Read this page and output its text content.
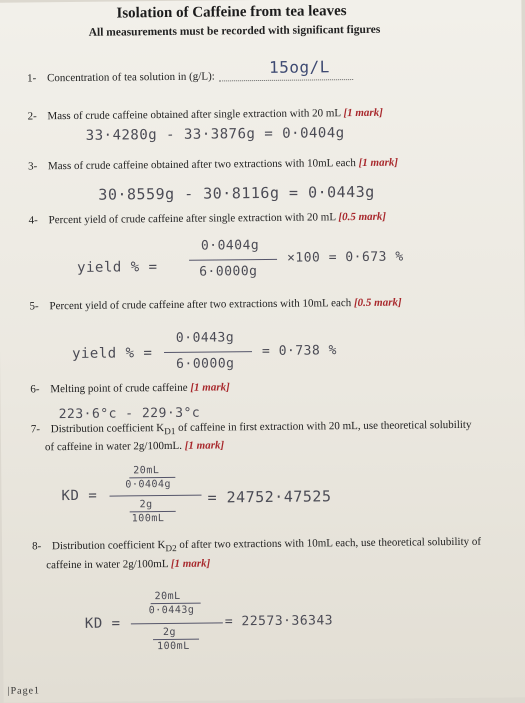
Isolation of Caffeine from tea leaves
All measurements must be recorded with significant figures
1- Concentration of tea solution in (g/L):
15og/L
2- Mass of crude caffeine obtained after single extraction with 20 mL [1 mark]
33·4280g - 33·3876g = 0·0404g
3- Mass of crude caffeine obtained after two extractions with 10mL each [1 mark]
30·8559g - 30·8116g = 0·0443g
4- Percent yield of crude caffeine after single extraction with 20 mL [0.5 mark]
yield % =
0·0404g
6·0000g
×100 = 0·673 %
5- Percent yield of crude caffeine after two extractions with 10mL each [0.5 mark]
yield % =
0·0443g
6·0000g
= 0·738 %
6- Melting point of crude caffeine [1 mark]
223·6°c - 229·3°c
7- Distribution coefficient $K_{D1}$ of caffeine in first extraction with 20 mL, use theoretical solubility
of caffeine in water 2g/100mL. [1 mark]
KD =
20mL
0·0404g
2g
100mL
= 24752·47525
8- Distribution coefficient $K_{D2}$ of after two extractions with 10mL each, use theoretical solubility of
caffeine in water 2g/100mL [1 mark]
KD =
20mL
0·0443g
2g
100mL
= 22573·36343
|Page1
